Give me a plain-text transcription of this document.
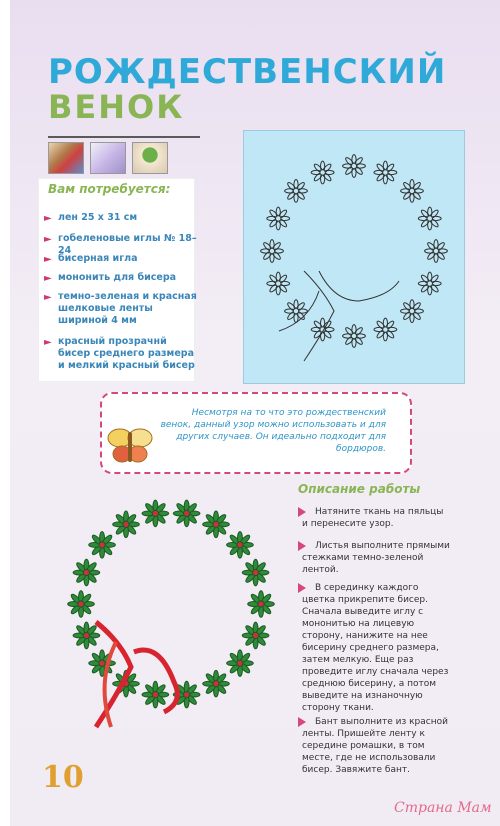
РОЖДЕСТВЕНСКИЙ
ВЕНОК
Вам потребуется:
► лен 25 х 31 см
► гобеленовые иглы № 18–24
► бисерная игла
► мононить для бисера
► темно-зеленая и красная шелковые ленты шириной 4 мм
► красный прозрачнй бисер среднего размера и мелкий красный бисер
Несмотря на то что это рождественский венок, данный узор можно использовать и для других случаев. Он идеально подходит для бордюров.
Описание работы
Натяните ткань на пяльцы и перенесите узор.
Листья выполните прямыми стежками темно-зеленой лентой.
В серединку каждого цветка прикрепите бисер. Сначала выведите иглу с мононитью на лицевую сторону, нанижите на нее бисерину среднего размера, затем мелкую. Еще раз проведите иглу сначала через среднюю бисерину, а потом выведите на изнаночную сторону ткани.
Бант выполните из красной ленты. Пришейте ленту к середине ромашки, в том месте, где не использовали бисер. Завяжите бант.
10
Страна Мам
